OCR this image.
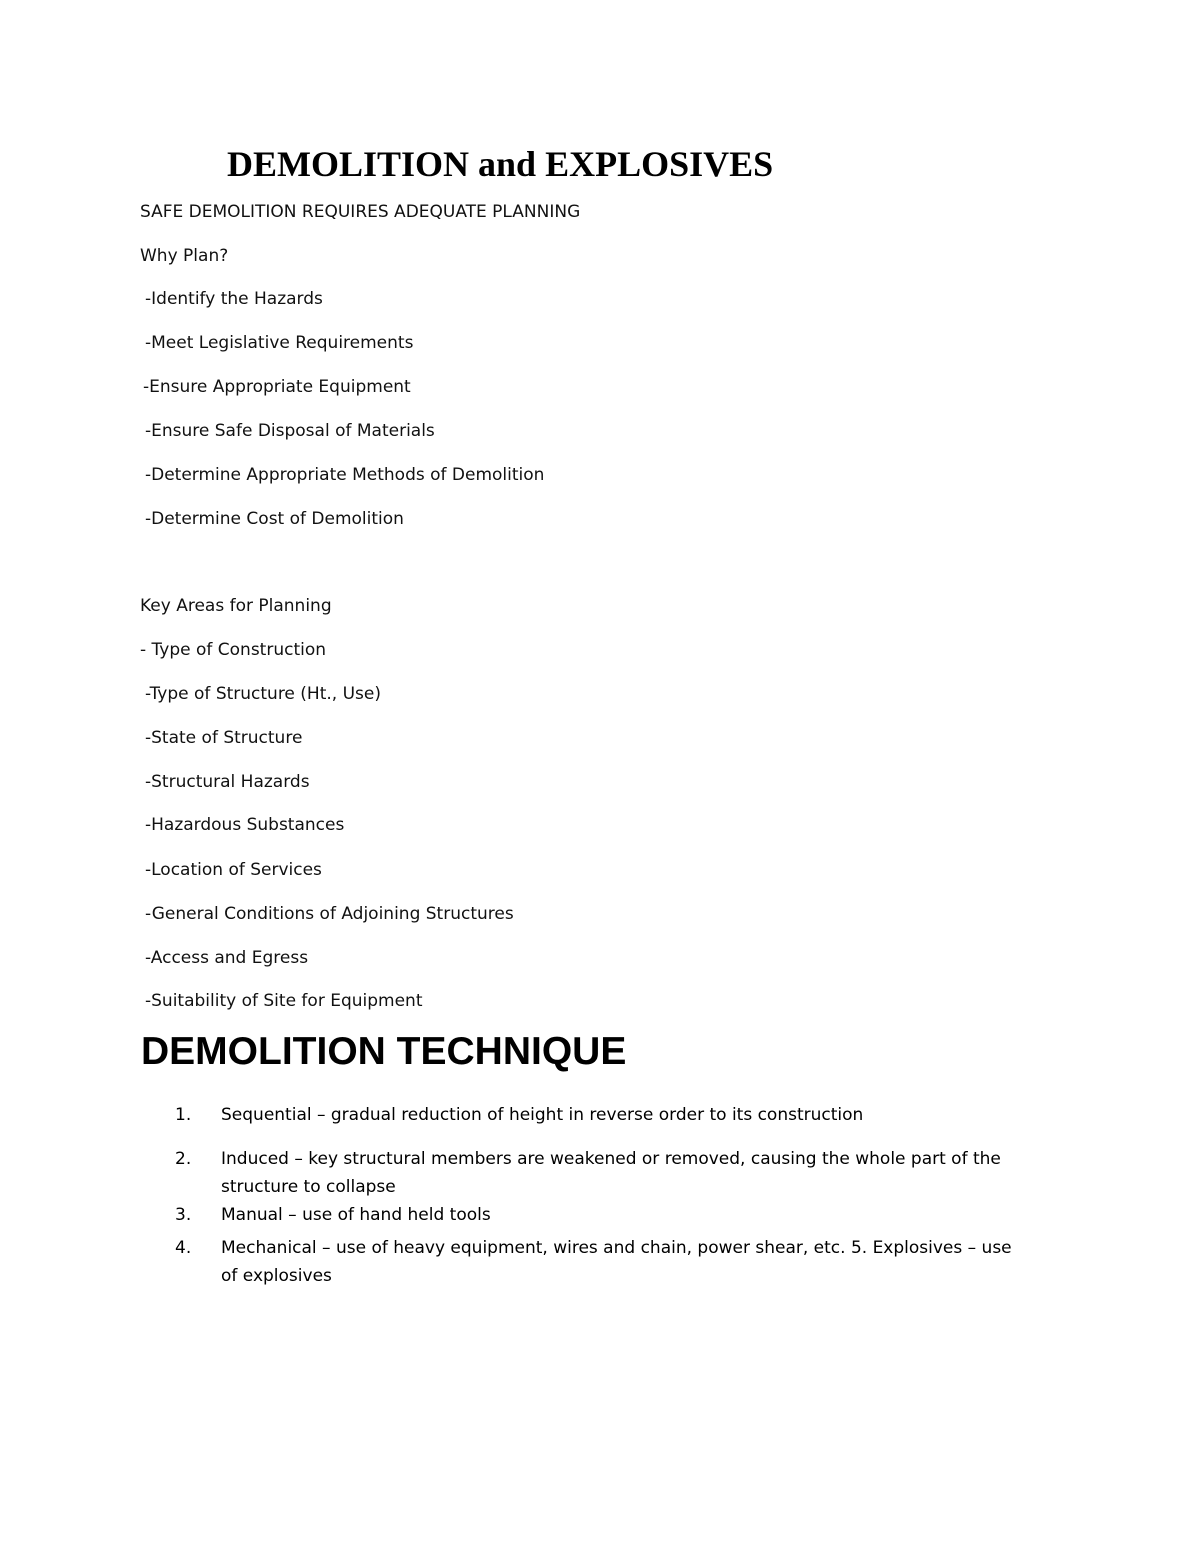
DEMOLITION and EXPLOSIVES
SAFE DEMOLITION REQUIRES ADEQUATE PLANNING
Why Plan?
-Identify the Hazards
-Meet Legislative Requirements
-Ensure Appropriate Equipment
-Ensure Safe Disposal of Materials
-Determine Appropriate Methods of Demolition
-Determine Cost of Demolition
Key Areas for Planning
- Type of Construction
-Type of Structure (Ht., Use)
-State of Structure
-Structural Hazards
-Hazardous Substances
-Location of Services
-General Conditions of Adjoining Structures
-Access and Egress
-Suitability of Site for Equipment
DEMOLITION TECHNIQUE
1. Sequential – gradual reduction of height in reverse order to its construction
2. Induced – key structural members are weakened or removed, causing the whole part of the structure to collapse
3. Manual – use of hand held tools
4. Mechanical – use of heavy equipment, wires and chain, power shear, etc. 5. Explosives – use of explosives
